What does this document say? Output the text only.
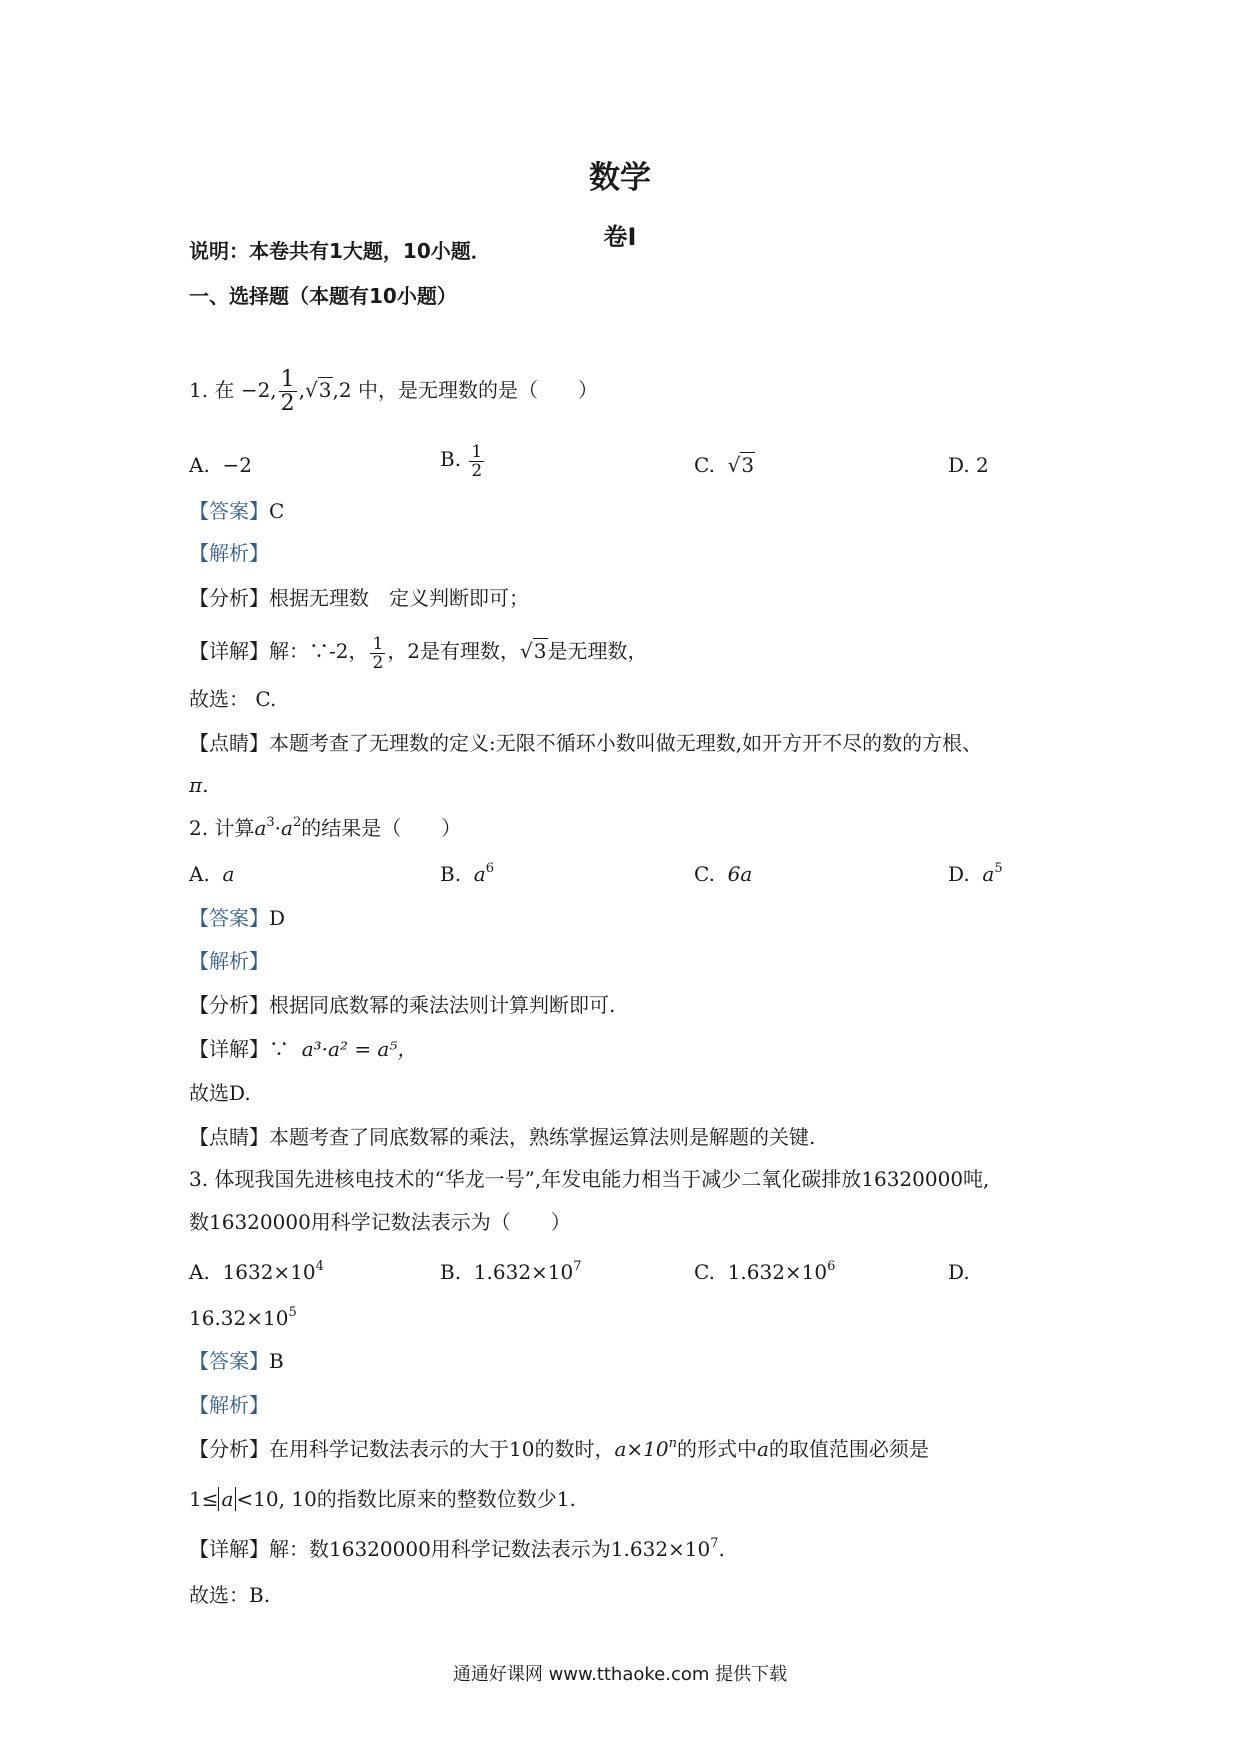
数学
卷Ⅰ
说明：本卷共有1大题，10小题．
一、选择题（本题有10小题）
1. 在 −2, $\frac{1}{2} ,√3,2$ 中，是无理数的是（　　）
A. −2	B. $\frac{1}{2}$	C. √3	D. 2
【答案】C
【解析】
【分析】根据无理数　定义判断即可；
【详解】解：∵-2， $\frac{1}{2}$ ，2是有理数，√3是无理数，
故选： C.
【点睛】本题考查了无理数的定义:无限不循环小数叫做无理数,如开方开不尽的数的方根、
π.
2. 计算$a^3\cdot a^2$的结果是（　　）
A. a	B. $a^6$	C. 6a	D. $a^5$
【答案】D
【解析】
【分析】根据同底数幂的乘法法则计算判断即可.
【详解】∵ a³·a² = a⁵，
故选D.
【点睛】本题考查了同底数幂的乘法，熟练掌握运算法则是解题的关键.
3. 体现我国先进核电技术的“华龙一号”,年发电能力相当于减少二氧化碳排放16320000吨,
数16320000用科学记数法表示为（　　）
A. $1632\times 10^4$	B. $1.632\times 10^7$	C. $1.632\times 10^6$	D.
$16.32\times 10^5$
【答案】B
【解析】
【分析】在用科学记数法表示的大于10的数时，$a\times 10^n$的形式中a的取值范围必须是
1≤ a <10, 10的指数比原来的整数位数少1.
【详解】解：数16320000用科学记数法表示为$1.632\times 10^7$.
故选：B.
通通好课网 www.tthaoke.com 提供下载
